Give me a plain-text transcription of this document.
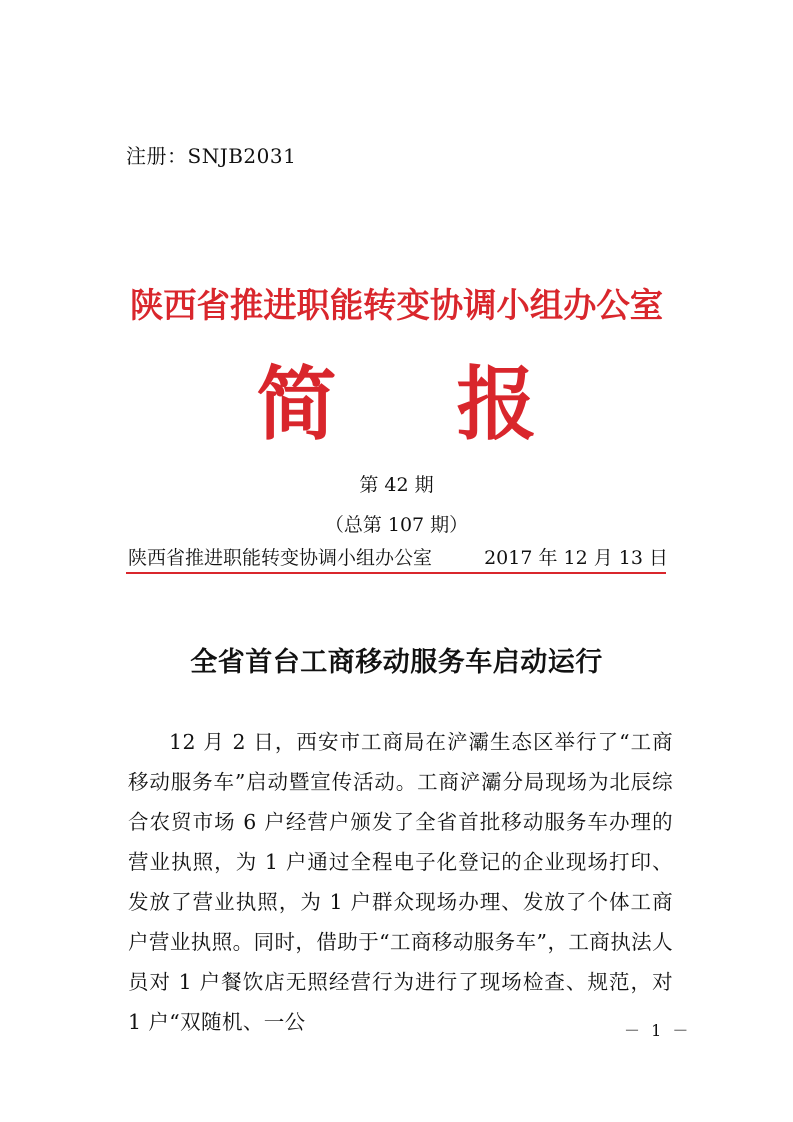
注册：SNJB2031
陕西省推进职能转变协调小组办公室
简报
第 42 期
（总第 107 期）
陕西省推进职能转变协调小组办公室	2017 年 12 月 13 日
全省首台工商移动服务车启动运行
12 月 2 日，西安市工商局在浐灞生态区举行了“工商移动服务车”启动暨宣传活动。工商浐灞分局现场为北辰综合农贸市场 6 户经营户颁发了全省首批移动服务车办理的营业执照，为 1 户通过全程电子化登记的企业现场打印、发放了营业执照，为 1 户群众现场办理、发放了个体工商户营业执照。同时，借助于“工商移动服务车”，工商执法人员对 1 户餐饮店无照经营行为进行了现场检查、规范，对 1 户“双随机、一公	－ 1 －
